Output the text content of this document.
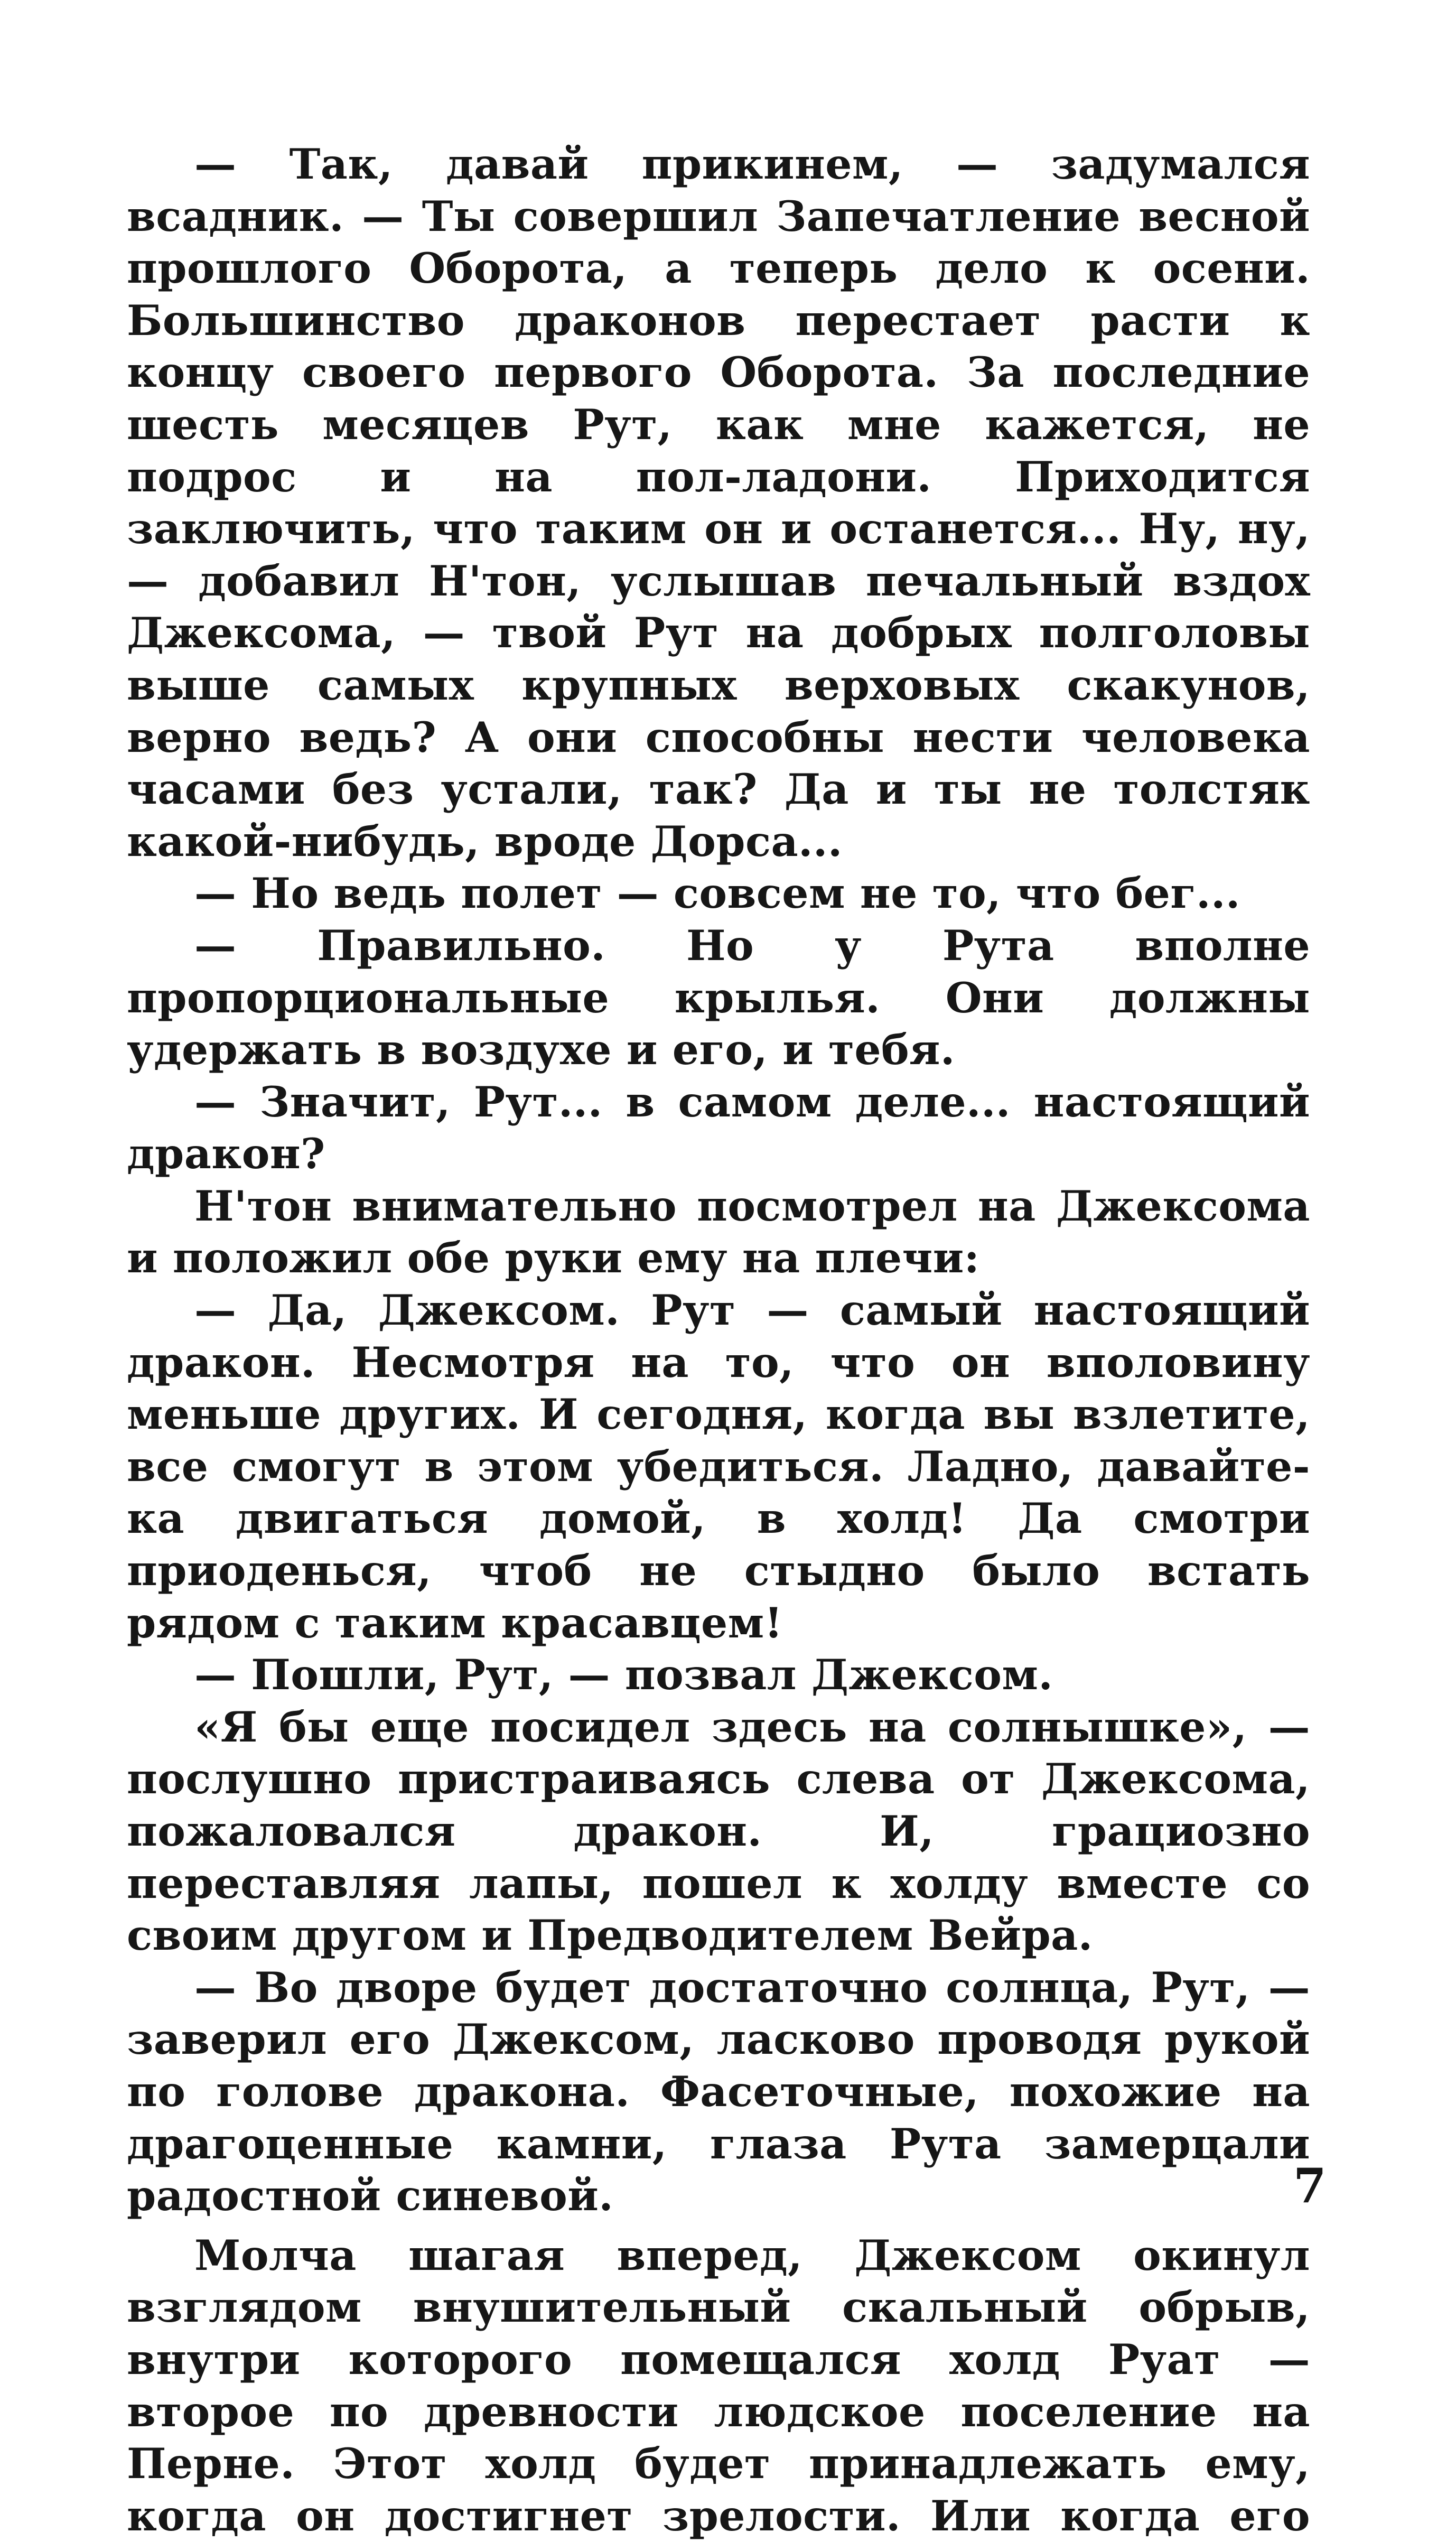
— Так, давай прикинем, — задумался всадник. — Ты совершил Запечатление весной прошлого Оборота, а теперь дело к осени. Большинство драконов перестает расти к концу своего первого Оборота. За последние шесть месяцев Рут, как мне кажется, не подрос и на пол-ладони. Приходится заключить, что таким он и останется... Ну, ну, — добавил Н'тон, услышав печальный вздох Джексома, — твой Рут на добрых полголовы выше самых крупных верховых скакунов, верно ведь? А они способны нести человека часами без устали, так? Да и ты не толстяк какой-нибудь, вроде Дорса...

— Но ведь полет — совсем не то, что бег...

— Правильно. Но у Рута вполне пропорциональные крылья. Они должны удержать в воздухе и его, и тебя.

— Значит, Рут... в самом деле... настоящий дракон?

Н'тон внимательно посмотрел на Джексома и положил обе руки ему на плечи:

— Да, Джексом. Рут — самый настоящий дракон. Несмотря на то, что он вполовину меньше других. И сегодня, когда вы взлетите, все смогут в этом убедиться. Ладно, давайте-ка двигаться домой, в холд! Да смотри приоденься, чтоб не стыдно было встать рядом с таким красавцем!

— Пошли, Рут, — позвал Джексом.

«Я бы еще посидел здесь на солнышке», — послушно пристраиваясь слева от Джексома, пожаловался дракон. И, грациозно переставляя лапы, пошел к холду вместе со своим другом и Предводителем Вейра.

— Во дворе будет достаточно солнца, Рут, — заверил его Джексом, ласково проводя рукой по голове дракона. Фасеточные, похожие на драгоценные камни, глаза Рута замерцали радостной синевой.

Молча шагая вперед, Джексом окинул взглядом внушительный скальный обрыв, внутри которого помещался холд Руат — второе по древности людское поселение на Перне. Этот холд будет принадлежать ему, когда он достигнет зрелости. Или когда его

7
